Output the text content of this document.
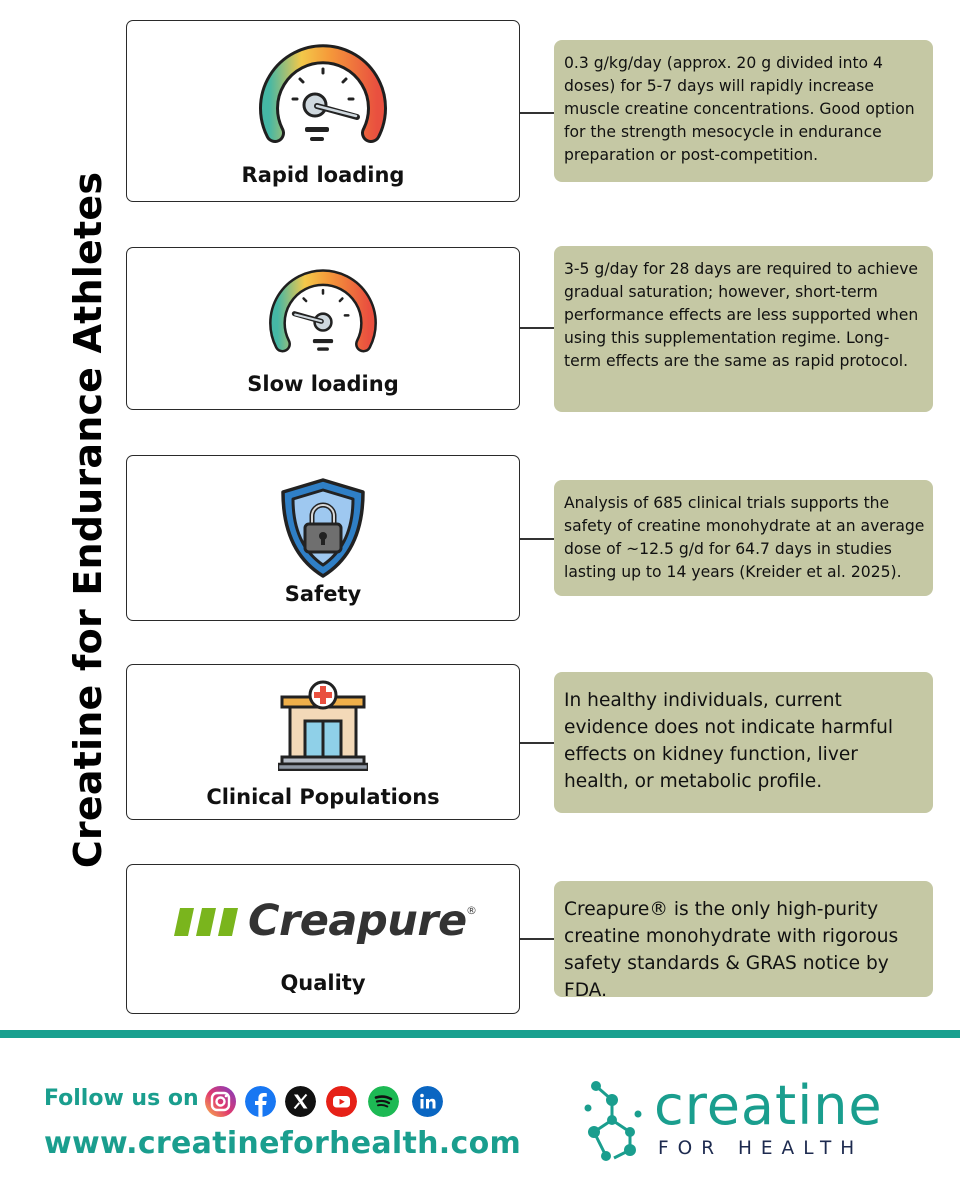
Creatine for Endurance Athletes	Rapid loading
0.3 g/kg/day (approx. 20 g divided into 4 doses) for 5-7 days will rapidly increase muscle creatine concentrations. Good option for the strength mesocycle in endurance preparation or post-competition.
Slow loading
3-5 g/day for 28 days are required to achieve gradual saturation; however, short-term performance effects are less supported when using this supplementation regime. Long-term effects are the same as rapid protocol.
Safety
Analysis of 685 clinical trials supports the safety of creatine monohydrate at an average dose of ~12.5 g/d for 64.7 days in studies lasting up to 14 years (Kreider et al. 2025).
Clinical Populations
In healthy individuals, current evidence does not indicate harmful effects on kidney function, liver health, or metabolic profile.
Quality
Creapure ®	Creapure® is the only high-purity creatine monohydrate with rigorous safety standards & GRAS notice by FDA.
Follow us on
www.creatineforhealth.com
creatine
FOR HEALTH
